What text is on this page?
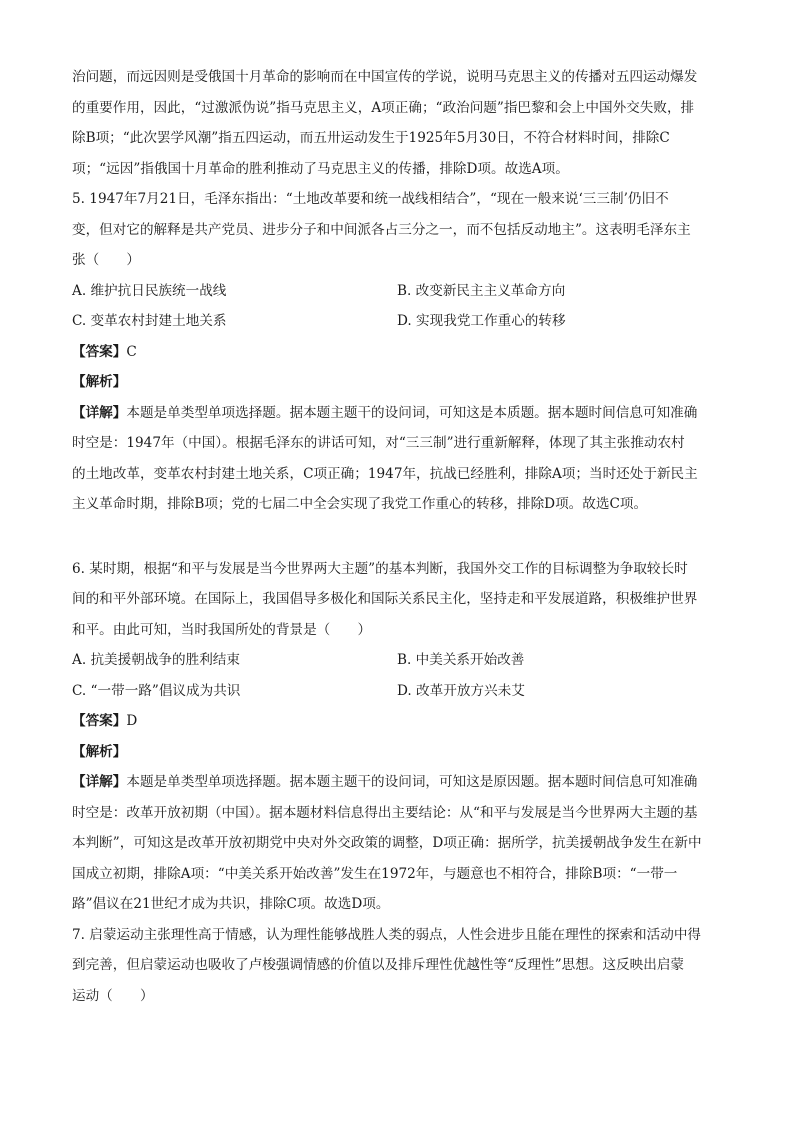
治问题，而远因则是受俄国十月革命的影响而在中国宣传的学说，说明马克思主义的传播对五四运动爆发

的重要作用，因此，“过激派伪说”指马克思主义，A项正确；“政治问题”指巴黎和会上中国外交失败，排

除B项；“此次罢学风潮”指五四运动，而五卅运动发生于1925年5月30日，不符合材料时间，排除C

项；“远因”指俄国十月革命的胜利推动了马克思主义的传播，排除D项。故选A项。

5. 1947年7月21日，毛泽东指出：“土地改革要和统一战线相结合”，“现在一般来说‘三三制’仍旧不

变，但对它的解释是共产党员、进步分子和中间派各占三分之一，而不包括反动地主”。这表明毛泽东主

张（　　）

A. 维护抗日民族统一战线	B. 改变新民主主义革命方向
C. 变革农村封建土地关系	D. 实现我党工作重心的转移

【答案】C

【解析】

【详解】本题是单类型单项选择题。据本题主题干的设问词，可知这是本质题。据本题时间信息可知准确

时空是：1947年（中国）。根据毛泽东的讲话可知，对“三三制”进行重新解释，体现了其主张推动农村

的土地改革，变革农村封建土地关系，C项正确；1947年，抗战已经胜利，排除A项；当时还处于新民主

主义革命时期，排除B项；党的七届二中全会实现了我党工作重心的转移，排除D项。故选C项。

6. 某时期，根据“和平与发展是当今世界两大主题”的基本判断，我国外交工作的目标调整为争取较长时

间的和平外部环境。在国际上，我国倡导多极化和国际关系民主化，坚持走和平发展道路，积极维护世界

和平。由此可知，当时我国所处的背景是（　　）

A. 抗美援朝战争的胜利结束	B. 中美关系开始改善
C. “一带一路”倡议成为共识	D. 改革开放方兴未艾

【答案】D

【解析】

【详解】本题是单类型单项选择题。据本题主题干的设问词，可知这是原因题。据本题时间信息可知准确

时空是：改革开放初期（中国）。据本题材料信息得出主要结论：从“和平与发展是当今世界两大主题的基

本判断”，可知这是改革开放初期党中央对外交政策的调整，D项正确：据所学，抗美援朝战争发生在新中

国成立初期，排除A项：“中美关系开始改善”发生在1972年，与题意也不相符合，排除B项：“一带一

路”倡议在21世纪才成为共识，排除C项。故选D项。

7. 启蒙运动主张理性高于情感，认为理性能够战胜人类的弱点，人性会进步且能在理性的探索和活动中得

到完善，但启蒙运动也吸收了卢梭强调情感的价值以及排斥理性优越性等“反理性”思想。这反映出启蒙

运动（　　）
